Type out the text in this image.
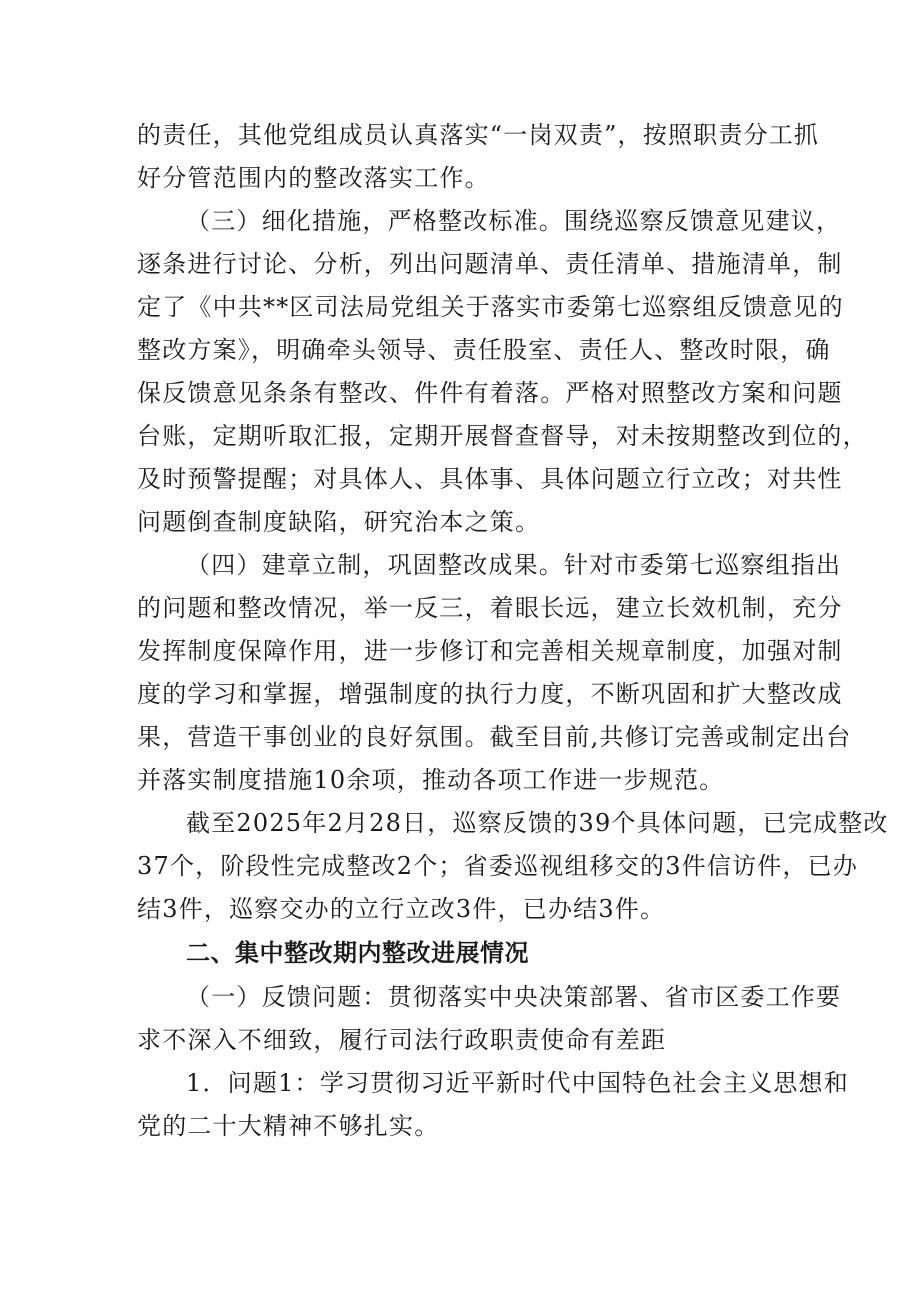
的责任，其他党组成员认真落实“一岗双责”，按照职责分工抓
好分管范围内的整改落实工作。
（三）细化措施，严格整改标准。围绕巡察反馈意见建议，
逐条进行讨论、分析，列出问题清单、责任清单、措施清单，制
定了《中共**区司法局党组关于落实市委第七巡察组反馈意见的
整改方案》，明确牵头领导、责任股室、责任人、整改时限，确
保反馈意见条条有整改、件件有着落。严格对照整改方案和问题
台账，定期听取汇报，定期开展督查督导，对未按期整改到位的，
及时预警提醒；对具体人、具体事、具体问题立行立改；对共性
问题倒查制度缺陷，研究治本之策。
（四）建章立制，巩固整改成果。针对市委第七巡察组指出
的问题和整改情况，举一反三，着眼长远，建立长效机制，充分
发挥制度保障作用，进一步修订和完善相关规章制度，加强对制
度的学习和掌握，增强制度的执行力度，不断巩固和扩大整改成
果，营造干事创业的良好氛围。截至目前,共修订完善或制定出台
并落实制度措施10余项，推动各项工作进一步规范。
截至2025年2月28日，巡察反馈的39个具体问题，已完成整改
37个，阶段性完成整改2个；省委巡视组移交的3件信访件，已办
结3件，巡察交办的立行立改3件，已办结3件。
二、集中整改期内整改进展情况
（一）反馈问题：贯彻落实中央决策部署、省市区委工作要
求不深入不细致，履行司法行政职责使命有差距
1．问题1：学习贯彻习近平新时代中国特色社会主义思想和
党的二十大精神不够扎实。
